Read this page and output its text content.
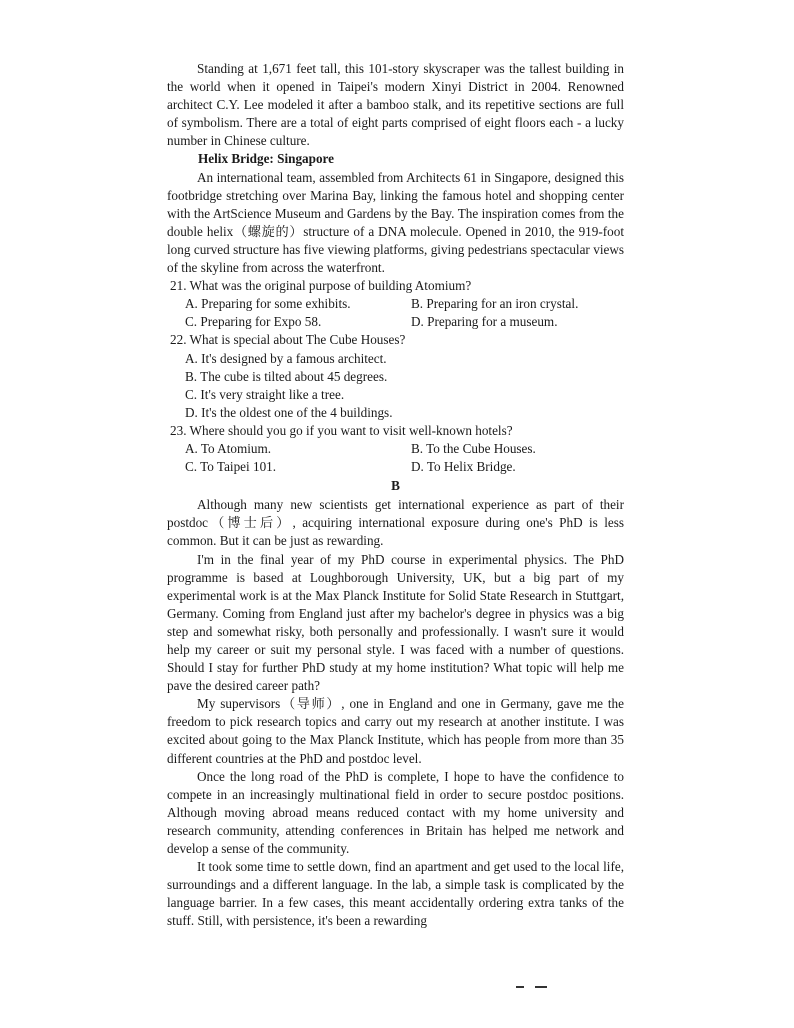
Standing at 1,671 feet tall, this 101-story skyscraper was the tallest building in the world when it opened in Taipei's modern Xinyi District in 2004. Renowned architect C.Y. Lee modeled it after a bamboo stalk, and its repetitive sections are full of symbolism. There are a total of eight parts comprised of eight floors each - a lucky number in Chinese culture.

Helix Bridge: Singapore

An international team, assembled from Architects 61 in Singapore, designed this footbridge stretching over Marina Bay, linking the famous hotel and shopping center with the ArtScience Museum and Gardens by the Bay. The inspiration comes from the double helix（螺旋的）structure of a DNA molecule. Opened in 2010, the 919-foot long curved structure has five viewing platforms, giving pedestrians spectacular views of the skyline from across the waterfront.

21. What was the original purpose of building Atomium?

A. Preparing for some exhibits.	B. Preparing for an iron crystal.
C. Preparing for Expo 58.	D. Preparing for a museum.

22. What is special about The Cube Houses?

A. It's designed by a famous architect.
B. The cube is tilted about 45 degrees.
C. It's very straight like a tree.
D. It's the oldest one of the 4 buildings.

23. Where should you go if you want to visit well-known hotels?

A. To Atomium.	B. To the Cube Houses.
C. To Taipei 101.	D. To Helix Bridge.

B

Although many new scientists get international experience as part of their postdoc（博士后）, acquiring international exposure during one's PhD is less common. But it can be just as rewarding.

I'm in the final year of my PhD course in experimental physics. The PhD programme is based at Loughborough University, UK, but a big part of my experimental work is at the Max Planck Institute for Solid State Research in Stuttgart, Germany. Coming from England just after my bachelor's degree in physics was a big step and somewhat risky, both personally and professionally. I wasn't sure it would help my career or suit my personal style. I was faced with a number of questions. Should I stay for further PhD study at my home institution? What topic will help me pave the desired career path?

My supervisors（导师）, one in England and one in Germany, gave me the freedom to pick research topics and carry out my research at another institute. I was excited about going to the Max Planck Institute, which has people from more than 35 different countries at the PhD and postdoc level.

Once the long road of the PhD is complete, I hope to have the confidence to compete in an increasingly multinational field in order to secure postdoc positions. Although moving abroad means reduced contact with my home university and research community, attending conferences in Britain has helped me network and develop a sense of the community.

It took some time to settle down, find an apartment and get used to the local life, surroundings and a different language. In the lab, a simple task is complicated by the language barrier. In a few cases, this meant accidentally ordering extra tanks of the stuff. Still, with persistence, it's been a rewarding
